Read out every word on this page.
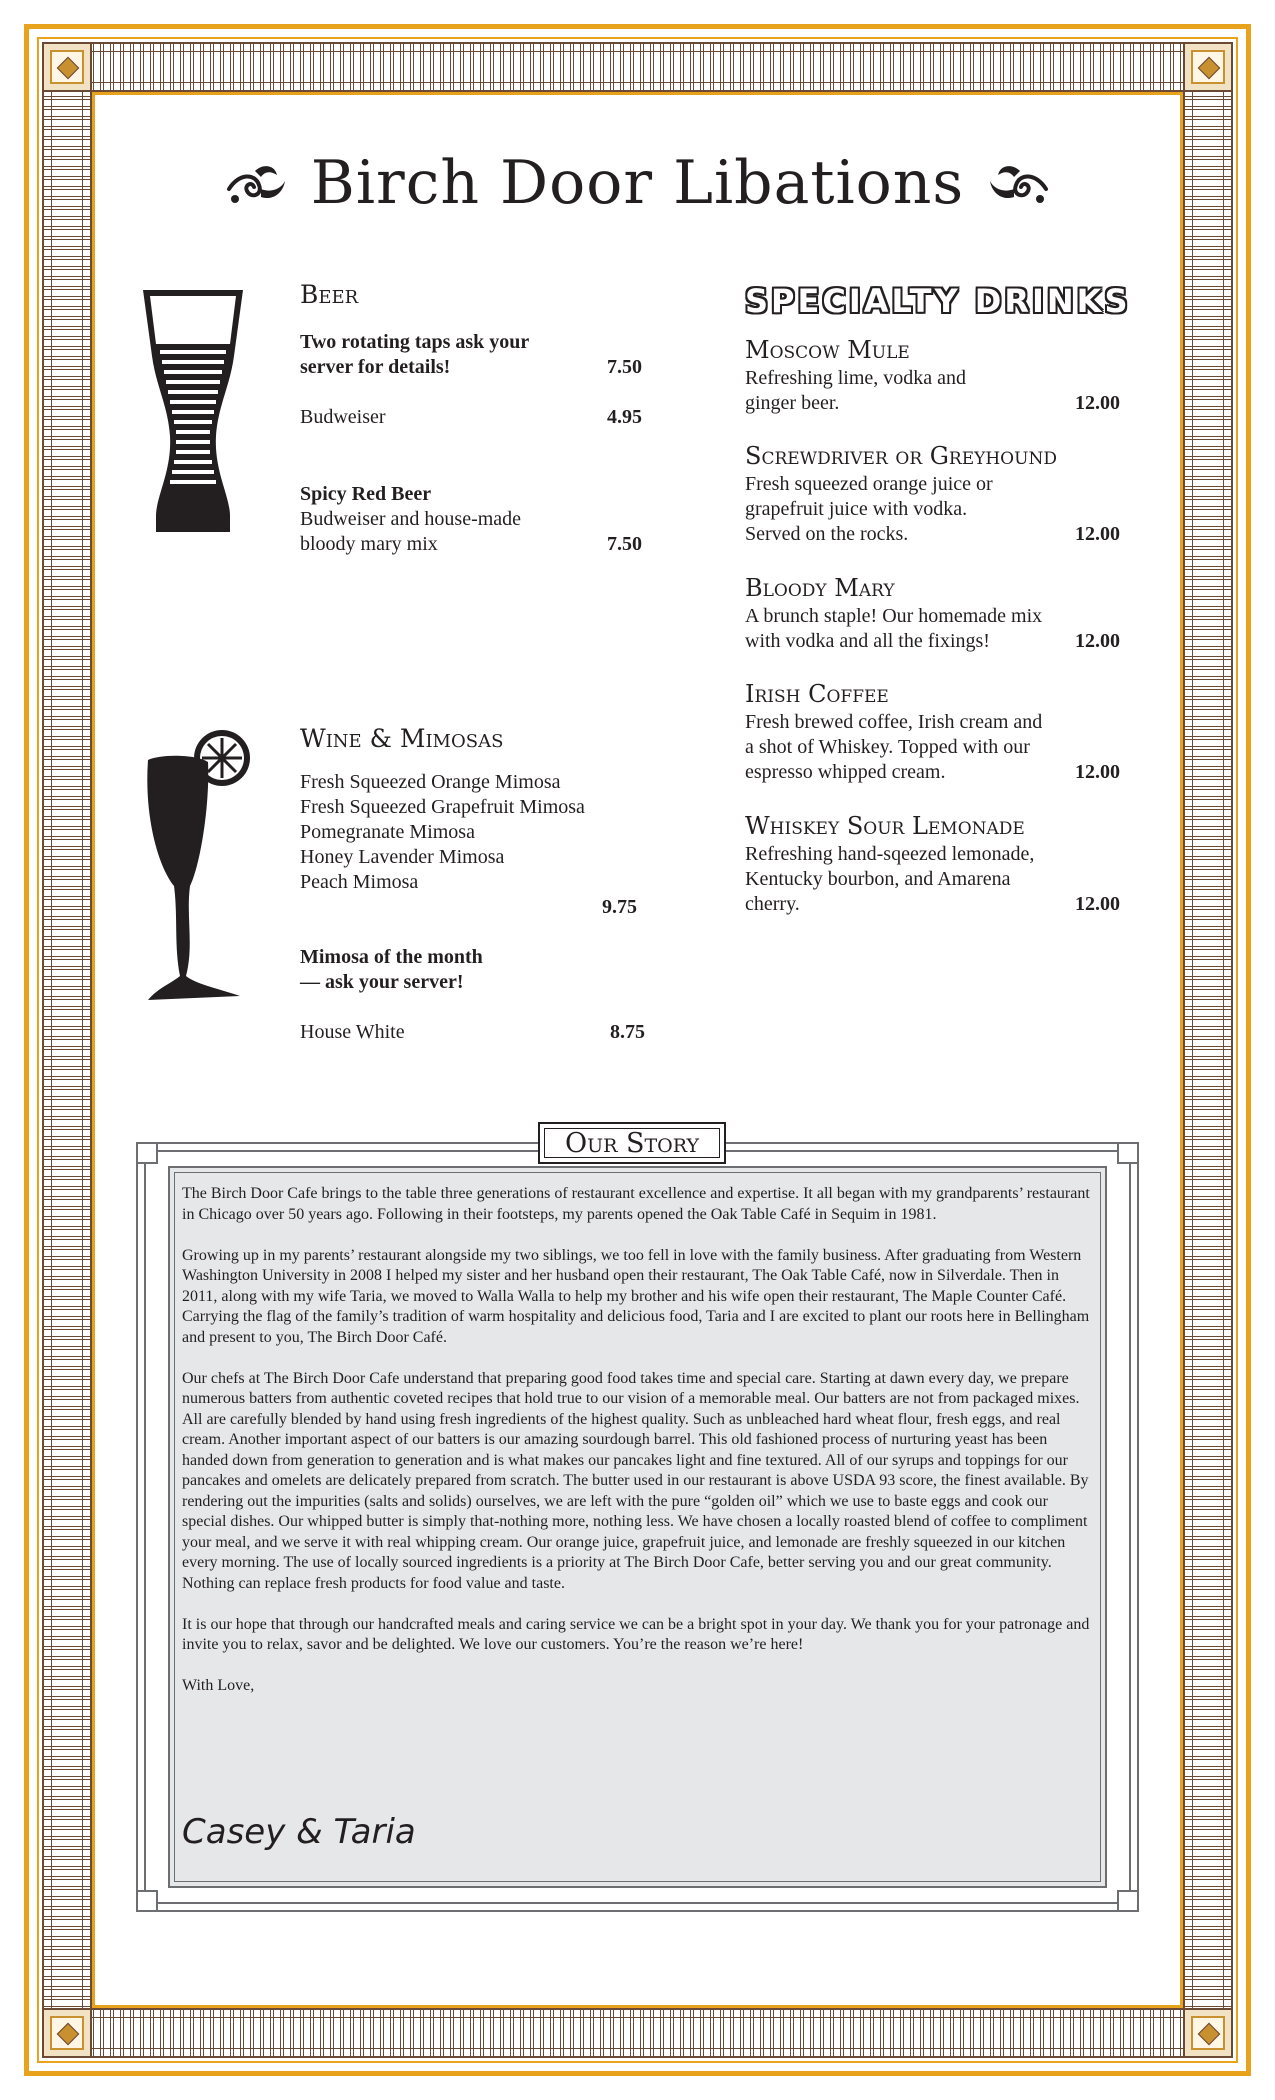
Birch Door Libations
Beer
Two rotating taps ask your
server for details!	7.50
Budweiser	4.95
Spicy Red Beer
Budweiser and house-made
bloody mary mix	7.50
Wine & Mimosas
Fresh Squeezed Orange Mimosa
Fresh Squeezed Grapefruit Mimosa
Pomegranate Mimosa
Honey Lavender Mimosa
Peach Mimosa
9.75
Mimosa of the month
— ask your server!
House White	8.75
SPECIALTY DRINKS
Moscow Mule
Refreshing lime, vodka and
ginger beer.	12.00
Screwdriver or Greyhound
Fresh squeezed orange juice or
grapefruit juice with vodka.
Served on the rocks.	12.00
Bloody Mary
A brunch staple! Our homemade mix
with vodka and all the fixings!	12.00
Irish Coffee
Fresh brewed coffee, Irish cream and
a shot of Whiskey. Topped with our
espresso whipped cream.	12.00
Whiskey Sour Lemonade
Refreshing hand-sqeezed lemonade,
Kentucky bourbon, and Amarena
cherry.	12.00
Our Story

The Birch Door Cafe brings to the table three generations of restaurant excellence and expertise. It all began with my grandparents’ restaurant in Chicago over 50 years ago. Following in their footsteps, my parents opened the Oak Table Café in Sequim in 1981.

Growing up in my parents’ restaurant alongside my two siblings, we too fell in love with the family business. After graduating from Western Washington University in 2008 I helped my sister and her husband open their restaurant, The Oak Table Café, now in Silverdale. Then in 2011, along with my wife Taria, we moved to Walla Walla to help my brother and his wife open their restaurant, The Maple Counter Café. Carrying the flag of the family’s tradition of warm hospitality and delicious food, Taria and I are excited to plant our roots here in Bellingham and present to you, The Birch Door Café.

Our chefs at The Birch Door Cafe understand that preparing good food takes time and special care. Starting at dawn every day, we prepare numerous batters from authentic coveted recipes that hold true to our vision of a memorable meal. Our batters are not from packaged mixes. All are carefully blended by hand using fresh ingredients of the highest quality. Such as unbleached hard wheat flour, fresh eggs, and real cream. Another important aspect of our batters is our amazing sourdough barrel. This old fashioned process of nurturing yeast has been handed down from generation to generation and is what makes our pancakes light and fine textured. All of our syrups and toppings for our pancakes and omelets are delicately prepared from scratch. The butter used in our restaurant is above USDA 93 score, the finest available. By rendering out the impurities (salts and solids) ourselves, we are left with the pure “golden oil” which we use to baste eggs and cook our special dishes. Our whipped butter is simply that-nothing more, nothing less. We have chosen a locally roasted blend of coffee to compliment your meal, and we serve it with real whipping cream. Our orange juice, grapefruit juice, and lemonade are freshly squeezed in our kitchen every morning. The use of locally sourced ingredients is a priority at The Birch Door Cafe, better serving you and our great community. Nothing can replace fresh products for food value and taste.

It is our hope that through our handcrafted meals and caring service we can be a bright spot in your day. We thank you for your patronage and invite you to relax, savor and be delighted. We love our customers. You’re the reason we’re here!

With Love,

Casey & Taria
